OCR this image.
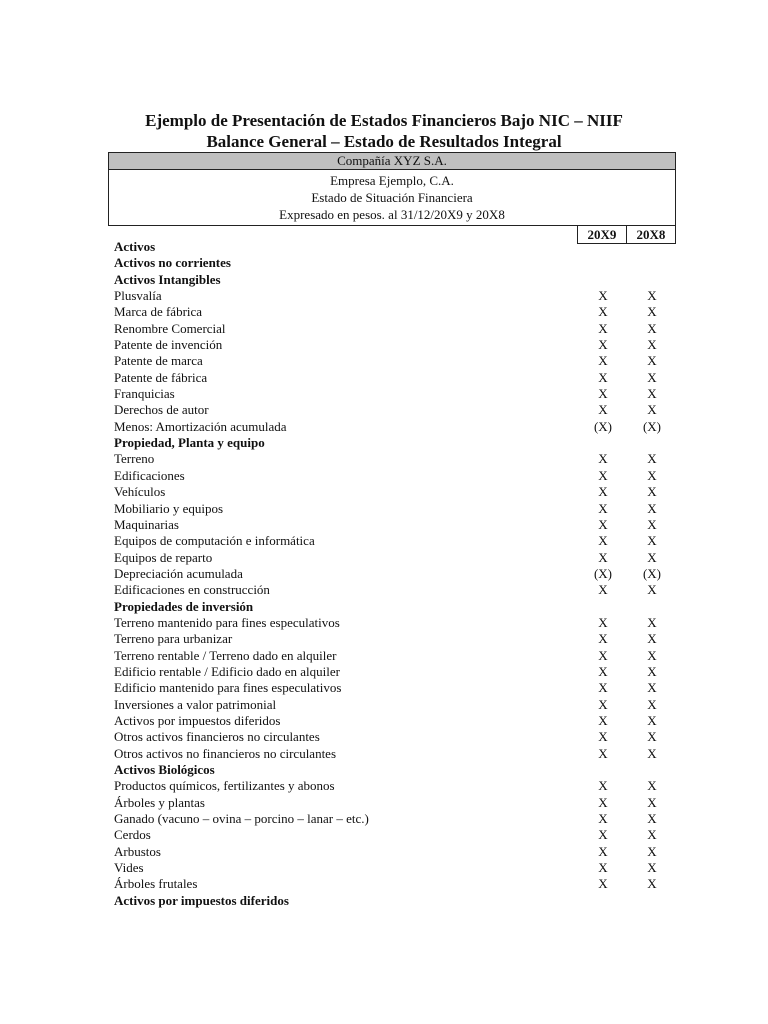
Ejemplo de Presentación de Estados Financieros Bajo NIC – NIIF
Balance General – Estado de Resultados Integral
Compañía XYZ S.A.

Empresa Ejemplo, C.A.
Estado de Situación Financiera
Expresado en pesos. al 31/12/20X9 y 20X8

	20X9	20X8
Activos
Activos no corrientes
Activos Intangibles
Plusvalía	X	X
Marca de fábrica	X	X
Renombre Comercial	X	X
Patente de invención	X	X
Patente de marca	X	X
Patente de fábrica	X	X
Franquicias	X	X
Derechos de autor	X	X
Menos: Amortización acumulada	(X)	(X)
Propiedad, Planta y equipo
Terreno	X	X
Edificaciones	X	X
Vehículos	X	X
Mobiliario y equipos	X	X
Maquinarias	X	X
Equipos de computación e informática	X	X
Equipos de reparto	X	X
Depreciación acumulada	(X)	(X)
Edificaciones en construcción	X	X
Propiedades de inversión
Terreno mantenido para fines especulativos	X	X
Terreno para urbanizar	X	X
Terreno rentable / Terreno dado en alquiler	X	X
Edificio rentable / Edificio dado en alquiler	X	X
Edificio mantenido para fines especulativos	X	X
Inversiones a valor patrimonial	X	X
Activos por impuestos diferidos	X	X
Otros activos financieros no circulantes	X	X
Otros activos no financieros no circulantes	X	X
Activos Biológicos
Productos químicos, fertilizantes y abonos	X	X
Árboles y plantas	X	X
Ganado (vacuno – ovina – porcino – lanar – etc.)	X	X
Cerdos	X	X
Arbustos	X	X
Vides	X	X
Árboles frutales	X	X
Activos por impuestos diferidos
